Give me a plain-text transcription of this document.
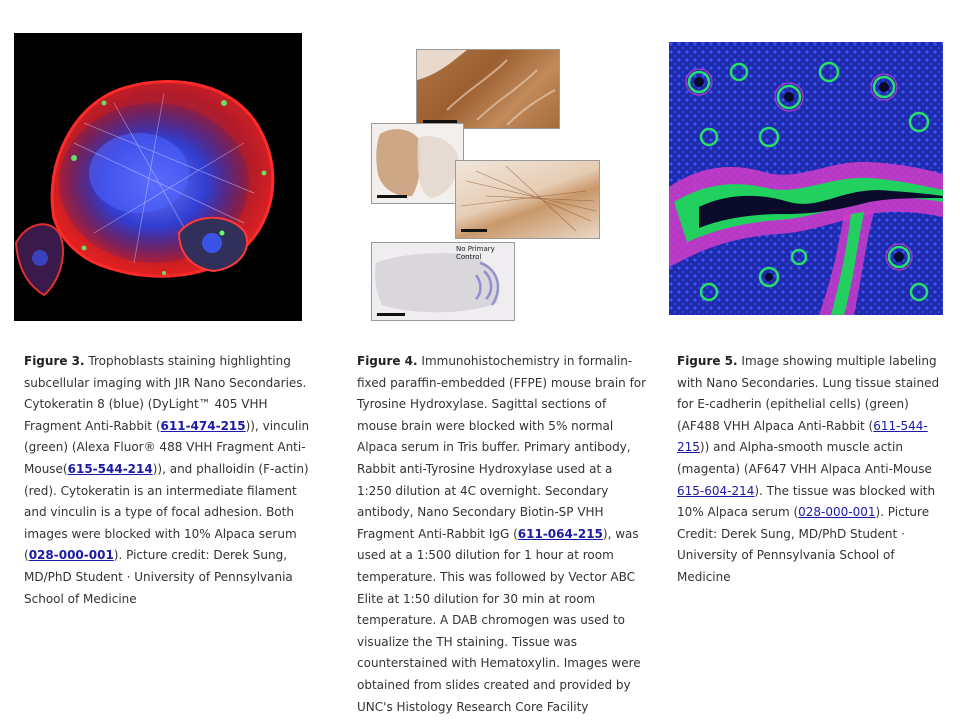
No Primary Control
Figure 3. Trophoblasts staining highlighting subcellular imaging with JIR Nano Secondaries. Cytokeratin 8 (blue) (DyLight™ 405 VHH Fragment Anti-Rabbit (611-474-215)), vinculin (green) (Alexa Fluor® 488 VHH Fragment Anti-Mouse(615-544-214)), and phalloidin (F-actin) (red). Cytokeratin is an intermediate filament and vinculin is a type of focal adhesion. Both images were blocked with 10% Alpaca serum (028-000-001). Picture credit: Derek Sung, MD/PhD Student · University of Pennsylvania School of Medicine
Figure 4. Immunohistochemistry in formalin-fixed paraffin-embedded (FFPE) mouse brain for Tyrosine Hydroxylase. Sagittal sections of mouse brain were blocked with 5% normal Alpaca serum in Tris buffer. Primary antibody, Rabbit anti-Tyrosine Hydroxylase used at a 1:250 dilution at 4C overnight. Secondary antibody, Nano Secondary Biotin-SP VHH Fragment Anti-Rabbit IgG (611-064-215), was used at a 1:500 dilution for 1 hour at room temperature. This was followed by Vector ABC Elite at 1:50 dilution for 30 min at room temperature. A DAB chromogen was used to visualize the TH staining. Tissue was counterstained with Hematoxylin. Images were obtained from slides created and provided by UNC's Histology Research Core Facility
Figure 5. Image showing multiple labeling with Nano Secondaries. Lung tissue stained for E-cadherin (epithelial cells) (green) (AF488 VHH Alpaca Anti-Rabbit (611-544-215)) and Alpha-smooth muscle actin (magenta) (AF647 VHH Alpaca Anti-Mouse 615-604-214). The tissue was blocked with 10% Alpaca serum (028-000-001). Picture Credit: Derek Sung, MD/PhD Student · University of Pennsylvania School of Medicine
